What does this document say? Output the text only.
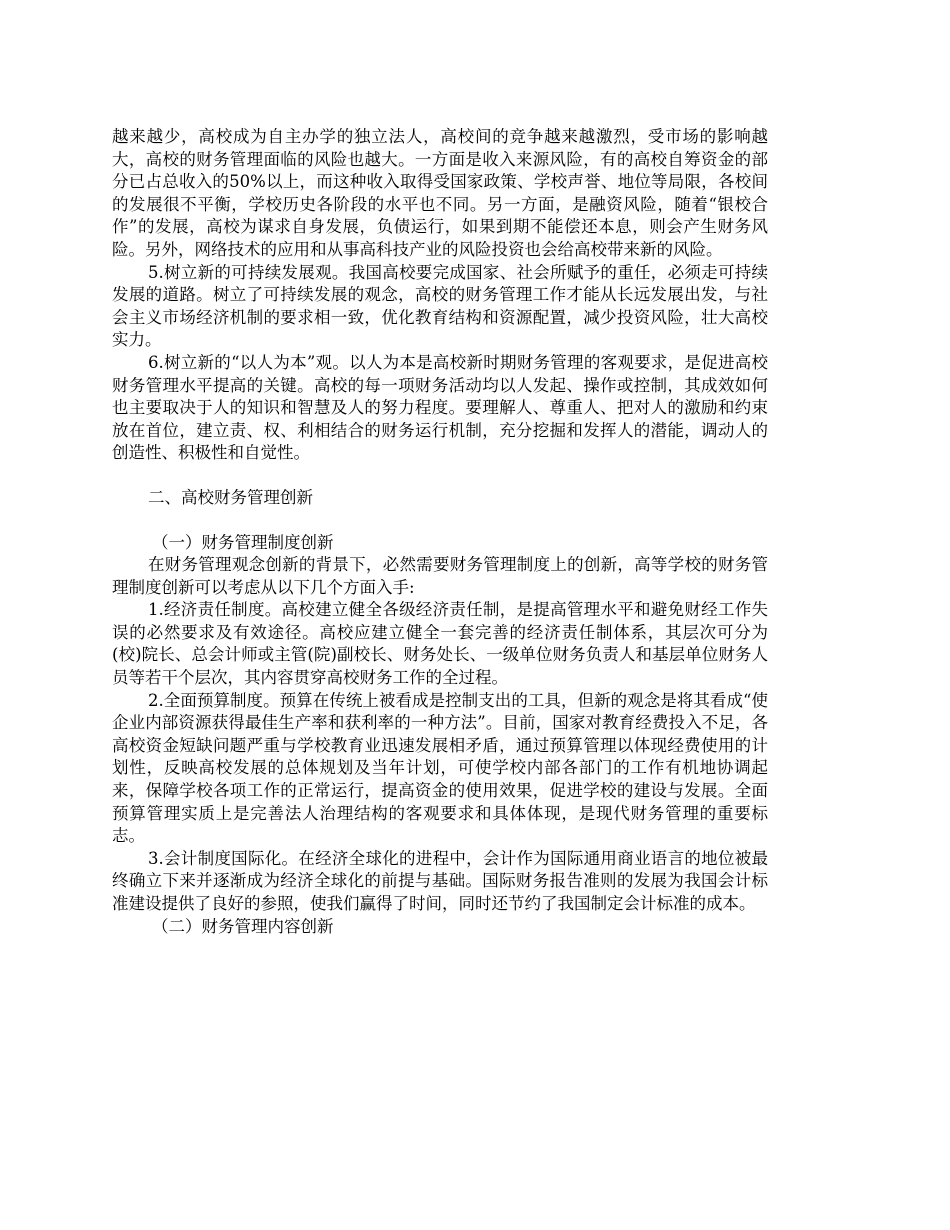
越来越少，高校成为自主办学的独立法人，高校间的竞争越来越激烈，受市场的影响越大，高校的财务管理面临的风险也越大。一方面是收入来源风险，有的高校自筹资金的部分已占总收入的50%以上，而这种收入取得受国家政策、学校声誉、地位等局限，各校间的发展很不平衡，学校历史各阶段的水平也不同。另一方面，是融资风险，随着“银校合作”的发展，高校为谋求自身发展，负债运行，如果到期不能偿还本息，则会产生财务风险。另外，网络技术的应用和从事高科技产业的风险投资也会给高校带来新的风险。

5.树立新的可持续发展观。我国高校要完成国家、社会所赋予的重任，必须走可持续发展的道路。树立了可持续发展的观念，高校的财务管理工作才能从长远发展出发，与社会主义市场经济机制的要求相一致，优化教育结构和资源配置，减少投资风险，壮大高校实力。

6.树立新的“以人为本”观。以人为本是高校新时期财务管理的客观要求，是促进高校财务管理水平提高的关键。高校的每一项财务活动均以人发起、操作或控制，其成效如何也主要取决于人的知识和智慧及人的努力程度。要理解人、尊重人、把对人的激励和约束放在首位，建立责、权、利相结合的财务运行机制，充分挖掘和发挥人的潜能，调动人的创造性、积极性和自觉性。

二、高校财务管理创新

（一）财务管理制度创新

在财务管理观念创新的背景下，必然需要财务管理制度上的创新，高等学校的财务管理制度创新可以考虑从以下几个方面入手:

1.经济责任制度。高校建立健全各级经济责任制，是提高管理水平和避免财经工作失误的必然要求及有效途径。高校应建立健全一套完善的经济责任制体系，其层次可分为(校)院长、总会计师或主管(院)副校长、财务处长、一级单位财务负责人和基层单位财务人员等若干个层次，其内容贯穿高校财务工作的全过程。

2.全面预算制度。预算在传统上被看成是控制支出的工具，但新的观念是将其看成“使企业内部资源获得最佳生产率和获利率的一种方法”。目前，国家对教育经费投入不足，各高校资金短缺问题严重与学校教育业迅速发展相矛盾，通过预算管理以体现经费使用的计划性，反映高校发展的总体规划及当年计划，可使学校内部各部门的工作有机地协调起来，保障学校各项工作的正常运行，提高资金的使用效果，促进学校的建设与发展。全面预算管理实质上是完善法人治理结构的客观要求和具体体现，是现代财务管理的重要标志。

3.会计制度国际化。在经济全球化的进程中，会计作为国际通用商业语言的地位被最终确立下来并逐渐成为经济全球化的前提与基础。国际财务报告准则的发展为我国会计标准建设提供了良好的参照，使我们赢得了时间，同时还节约了我国制定会计标准的成本。

（二）财务管理内容创新
